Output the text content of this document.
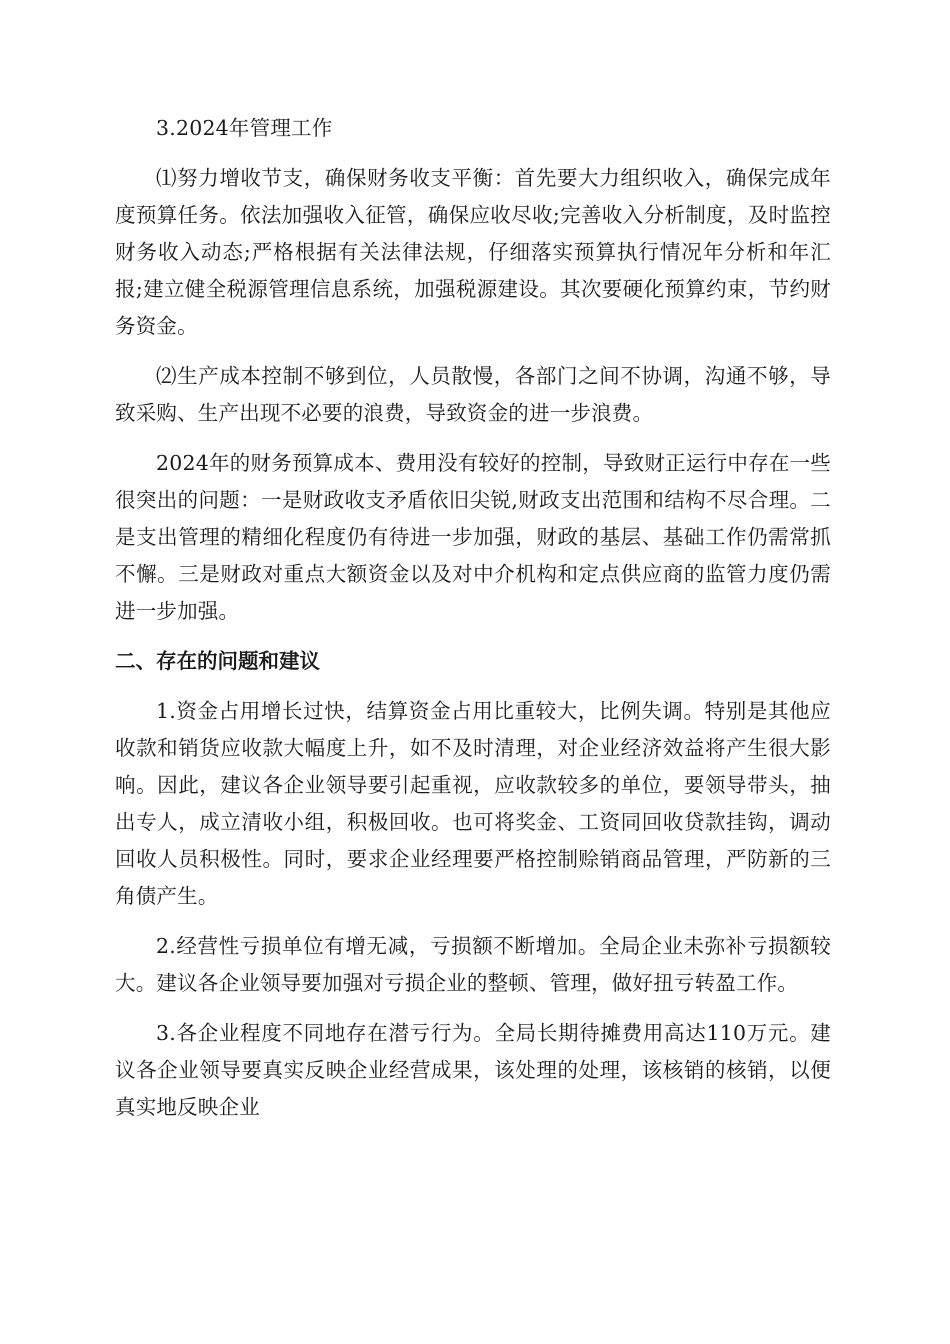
3.2024年管理工作

⑴努力增收节支，确保财务收支平衡：首先要大力组织收入，确保完成年度预算任务。依法加强收入征管，确保应收尽收;完善收入分析制度，及时监控财务收入动态;严格根据有关法律法规，仔细落实预算执行情况年分析和年汇报;建立健全税源管理信息系统，加强税源建设。其次要硬化预算约束，节约财务资金。

⑵生产成本控制不够到位，人员散慢，各部门之间不协调，沟通不够，导致采购、生产出现不必要的浪费，导致资金的进一步浪费。

2024年的财务预算成本、费用没有较好的控制，导致财正运行中存在一些很突出的问题：一是财政收支矛盾依旧尖锐,财政支出范围和结构不尽合理。二是支出管理的精细化程度仍有待进一步加强，财政的基层、基础工作仍需常抓不懈。三是财政对重点大额资金以及对中介机构和定点供应商的监管力度仍需进一步加强。

二、存在的问题和建议

1.资金占用增长过快，结算资金占用比重较大，比例失调。特别是其他应收款和销货应收款大幅度上升，如不及时清理，对企业经济效益将产生很大影响。因此，建议各企业领导要引起重视，应收款较多的单位，要领导带头，抽出专人，成立清收小组，积极回收。也可将奖金、工资同回收贷款挂钩，调动回收人员积极性。同时，要求企业经理要严格控制赊销商品管理，严防新的三角债产生。

2.经营性亏损单位有增无减，亏损额不断增加。全局企业未弥补亏损额较大。建议各企业领导要加强对亏损企业的整顿、管理，做好扭亏转盈工作。

3.各企业程度不同地存在潜亏行为。全局长期待摊费用高达110万元。建议各企业领导要真实反映企业经营成果，该处理的处理，该核销的核销，以便真实地反映企业
